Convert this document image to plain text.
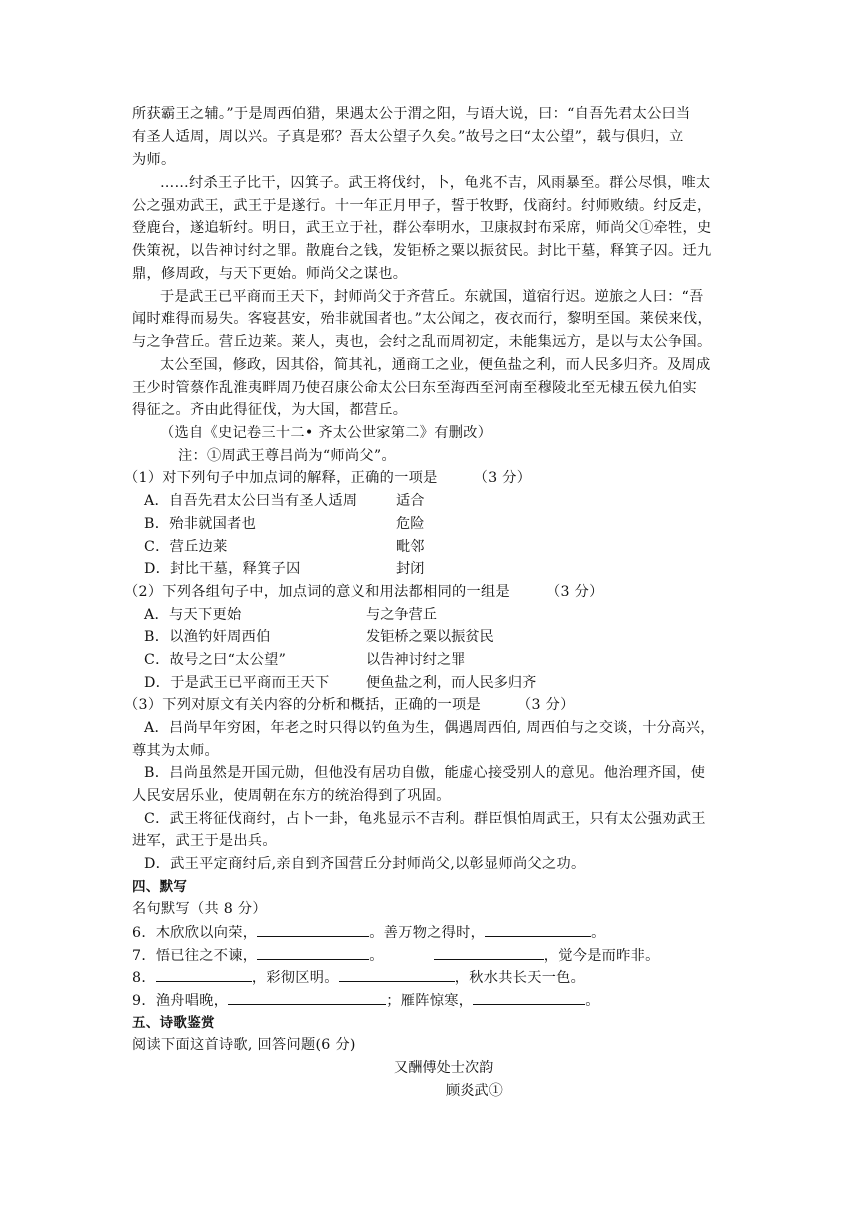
所获霸王之辅。”于是周西伯猎，果遇太公于渭之阳，与语大说，曰：“自吾先君太公曰当
有圣人适周，周以兴。子真是邪？吾太公望子久矣。”故号之曰“太公望”，载与俱归，立
为师。
……纣杀王子比干，囚箕子。武王将伐纣，卜，龟兆不吉，风雨暴至。群公尽惧，唯太
公之强劝武王，武王于是遂行。十一年正月甲子，誓于牧野，伐商纣。纣师败绩。纣反走，
登鹿台，遂追斩纣。明日，武王立于社，群公奉明水，卫康叔封布采席，师尚父①牵牲，史
佚策祝，以告神讨纣之罪。散鹿台之钱，发钜桥之粟以振贫民。封比干墓，释箕子囚。迁九
鼎，修周政，与天下更始。师尚父之谋也。
于是武王已平商而王天下，封师尚父于齐营丘。东就国，道宿行迟。逆旅之人曰：“吾
闻时难得而易失。客寝甚安，殆非就国者也。”太公闻之，夜衣而行，黎明至国。莱侯来伐，
与之争营丘。营丘边莱。莱人，夷也，会纣之乱而周初定，未能集远方，是以与太公争国。
太公至国，修政，因其俗，简其礼，通商工之业，便鱼盐之利，而人民多归齐。及周成
王少时管蔡作乱淮夷畔周乃使召康公命太公曰东至海西至河南至穆陵北至无棣五侯九伯实
得征之。齐由此得征伐，为大国，都营丘。
（选自《史记卷三十二• 齐太公世家第二》有删改）
注：①周武王尊吕尚为“师尚父”。
（1）对下列句子中加点词的解释，正确的一项是	（3 分）
A．自吾先君太公曰当有圣人适周	适合
B．殆非就国者也	危险
C．营丘边莱	毗邻
D．封比干墓，释箕子囚	封闭
（2）下列各组句子中，加点词的意义和用法都相同的一组是	（3 分）
A．与天下更始	与之争营丘
B．以渔钓奸周西伯	发钜桥之粟以振贫民
C．故号之曰“太公望”	以告神讨纣之罪
D．于是武王已平商而王天下	便鱼盐之利，而人民多归齐
（3）下列对原文有关内容的分析和概括，正确的一项是	（3 分）
A．吕尚早年穷困，年老之时只得以钓鱼为生，偶遇周西伯, 周西伯与之交谈，十分高兴，
尊其为太师。
B．吕尚虽然是开国元勋，但他没有居功自傲，能虚心接受别人的意见。他治理齐国，使
人民安居乐业，使周朝在东方的统治得到了巩固。
C．武王将征伐商纣，占卜一卦，龟兆显示不吉利。群臣惧怕周武王，只有太公强劝武王
进军，武王于是出兵。
D．武王平定商纣后,亲自到齐国营丘分封师尚父,以彰显师尚父之功。
四、默写
名句默写（共 8 分）
6．木欣欣以向荣，	。善万物之得时，	。
7．悟已往之不谏，	。	，觉今是而昨非。
8．	，彩彻区明。	，秋水共长天一色。
9．渔舟唱晚，	；雁阵惊寒，	。
五、诗歌鉴赏
阅读下面这首诗歌, 回答问题(6 分)
又酬傅处士次韵
顾炎武①
